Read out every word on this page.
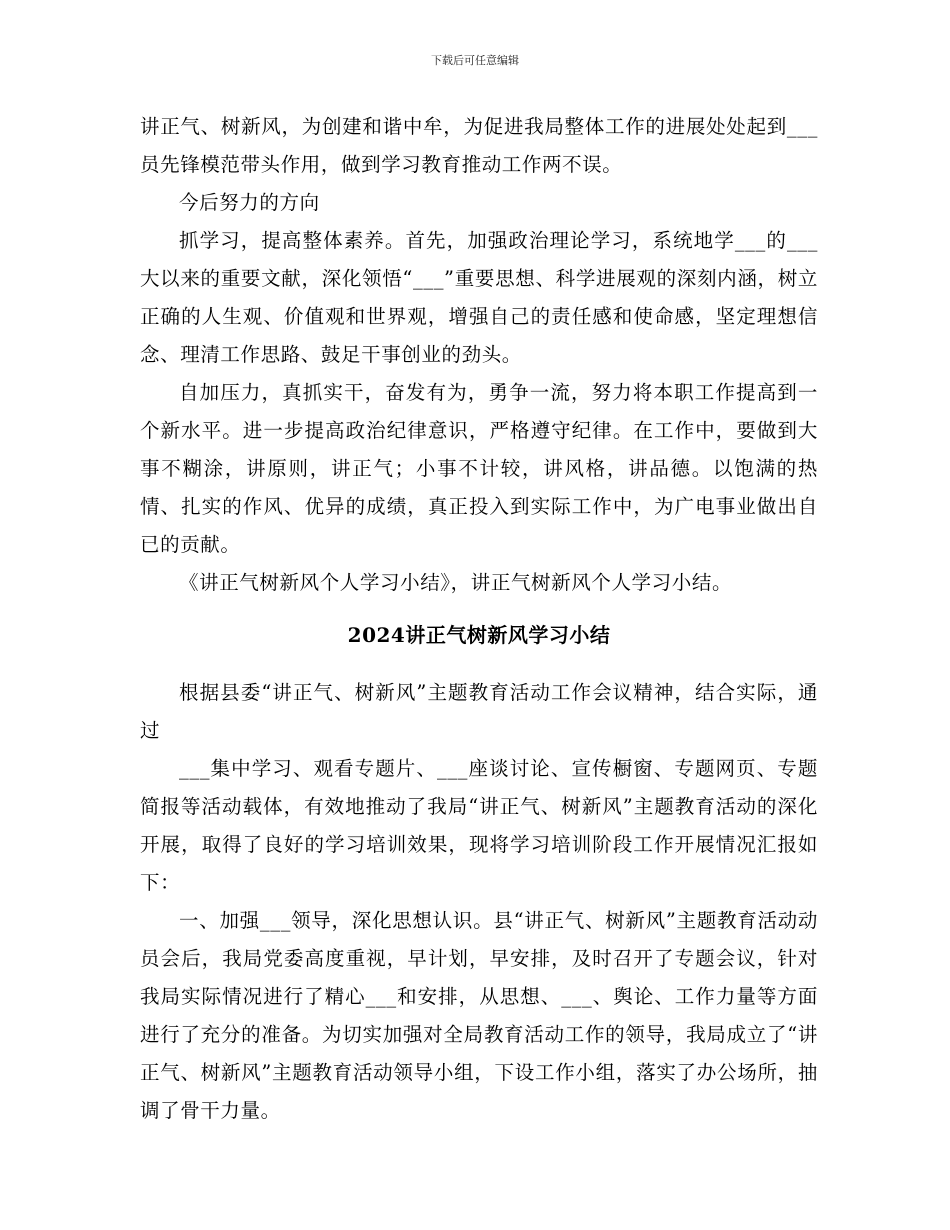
下载后可任意编辑

讲正气、树新风，为创建和谐中牟，为促进我局整体工作的进展处处起到___员先锋模范带头作用，做到学习教育推动工作两不误。

今后努力的方向

抓学习，提高整体素养。首先，加强政治理论学习，系统地学___的___大以来的重要文献，深化领悟“___”重要思想、科学进展观的深刻内涵，树立正确的人生观、价值观和世界观，增强自己的责任感和使命感，坚定理想信念、理清工作思路、鼓足干事创业的劲头。

自加压力，真抓实干，奋发有为，勇争一流，努力将本职工作提高到一个新水平。进一步提高政治纪律意识，严格遵守纪律。在工作中，要做到大事不糊涂，讲原则，讲正气；小事不计较，讲风格，讲品德。以饱满的热情、扎实的作风、优异的成绩，真正投入到实际工作中，为广电事业做出自已的贡献。

《讲正气树新风个人学习小结》，讲正气树新风个人学习小结。

2024讲正气树新风学习小结

根据县委“讲正气、树新风”主题教育活动工作会议精神，结合实际，通过

___集中学习、观看专题片、___座谈讨论、宣传橱窗、专题网页、专题简报等活动载体，有效地推动了我局“讲正气、树新风”主题教育活动的深化开展，取得了良好的学习培训效果，现将学习培训阶段工作开展情况汇报如下：

一、加强___领导，深化思想认识。县“讲正气、树新风”主题教育活动动员会后，我局党委高度重视，早计划，早安排，及时召开了专题会议，针对我局实际情况进行了精心___和安排，从思想、___、舆论、工作力量等方面进行了充分的准备。为切实加强对全局教育活动工作的领导，我局成立了“讲正气、树新风”主题教育活动领导小组，下设工作小组，落实了办公场所，抽调了骨干力量。
